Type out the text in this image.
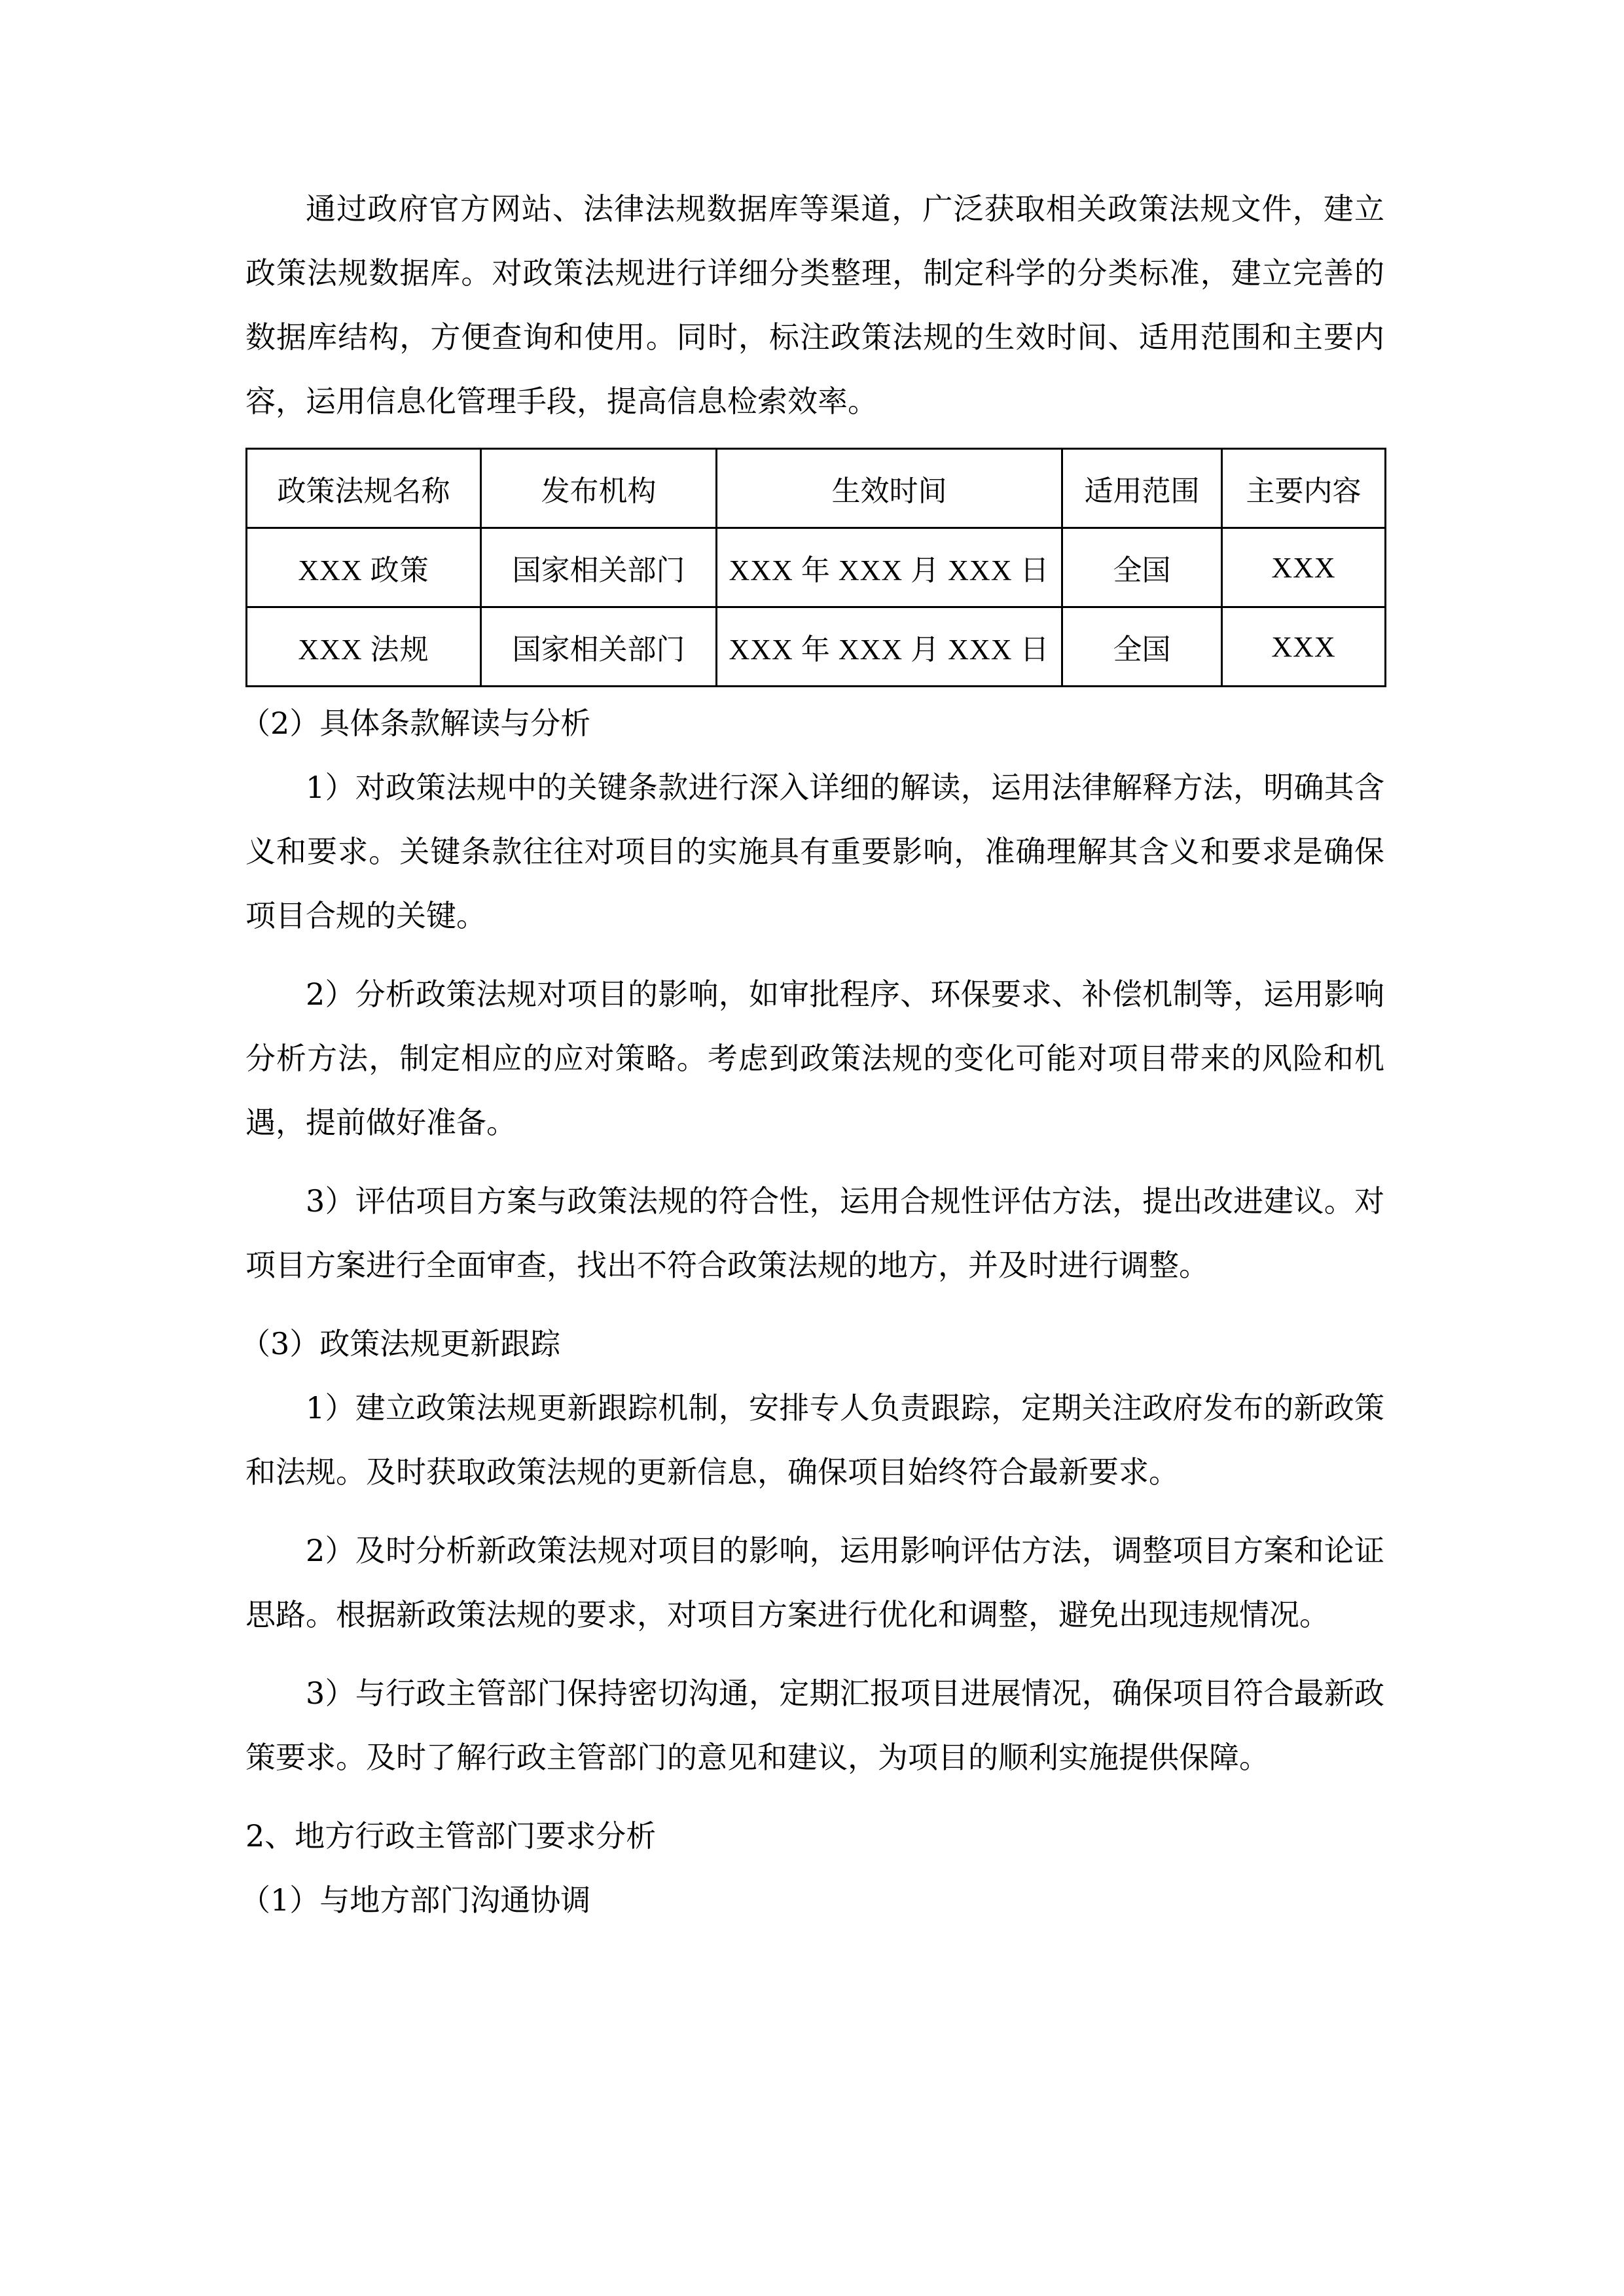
通过政府官方网站、法律法规数据库等渠道，广泛获取相关政策法规文件，建立政策法规数据库。对政策法规进行详细分类整理，制定科学的分类标准，建立完善的数据库结构，方便查询和使用。同时，标注政策法规的生效时间、适用范围和主要内容，运用信息化管理手段，提高信息检索效率。

政策法规名称	发布机构	生效时间	适用范围	主要内容
XXX 政策	国家相关部门	XXX 年 XXX 月 XXX 日	全国	XXX
XXX 法规	国家相关部门	XXX 年 XXX 月 XXX 日	全国	XXX

（2）具体条款解读与分析

1）对政策法规中的关键条款进行深入详细的解读，运用法律解释方法，明确其含义和要求。关键条款往往对项目的实施具有重要影响，准确理解其含义和要求是确保项目合规的关键。

2）分析政策法规对项目的影响，如审批程序、环保要求、补偿机制等，运用影响分析方法，制定相应的应对策略。考虑到政策法规的变化可能对项目带来的风险和机遇，提前做好准备。

3）评估项目方案与政策法规的符合性，运用合规性评估方法，提出改进建议。对项目方案进行全面审查，找出不符合政策法规的地方，并及时进行调整。

（3）政策法规更新跟踪

1）建立政策法规更新跟踪机制，安排专人负责跟踪，定期关注政府发布的新政策和法规。及时获取政策法规的更新信息，确保项目始终符合最新要求。

2）及时分析新政策法规对项目的影响，运用影响评估方法，调整项目方案和论证思路。根据新政策法规的要求，对项目方案进行优化和调整，避免出现违规情况。

3）与行政主管部门保持密切沟通，定期汇报项目进展情况，确保项目符合最新政策要求。及时了解行政主管部门的意见和建议，为项目的顺利实施提供保障。

2、地方行政主管部门要求分析

（1）与地方部门沟通协调
